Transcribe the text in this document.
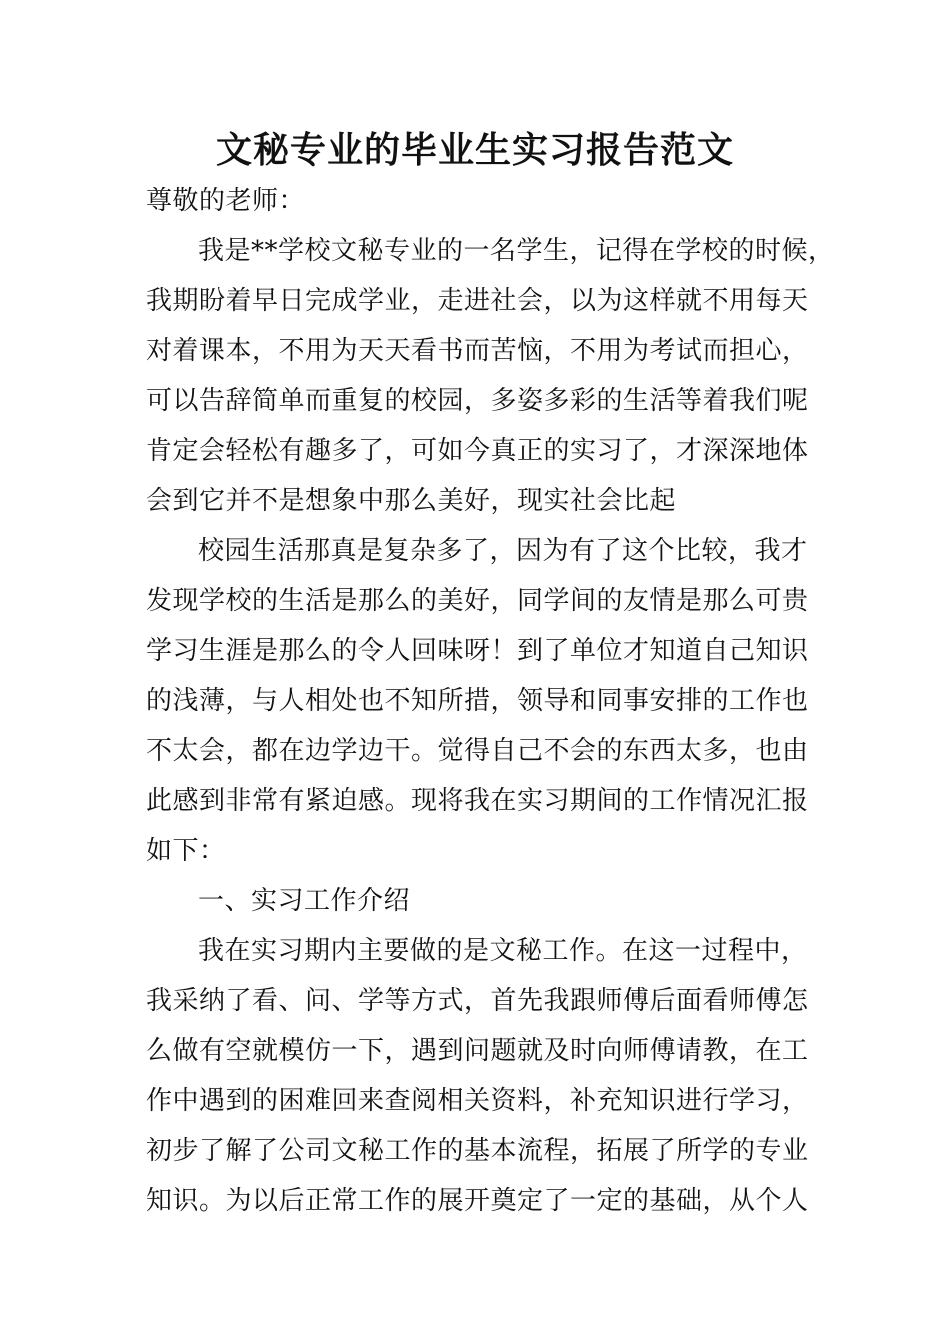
文秘专业的毕业生实习报告范文
尊敬的老师：
我是**学校文秘专业的一名学生，记得在学校的时候，
我期盼着早日完成学业，走进社会，以为这样就不用每天
对着课本，不用为天天看书而苦恼，不用为考试而担心，
可以告辞简单而重复的校园，多姿多彩的生活等着我们呢
肯定会轻松有趣多了，可如今真正的实习了，才深深地体
会到它并不是想象中那么美好，现实社会比起
校园生活那真是复杂多了，因为有了这个比较，我才
发现学校的生活是那么的美好，同学间的友情是那么可贵
学习生涯是那么的令人回味呀！到了单位才知道自己知识
的浅薄，与人相处也不知所措，领导和同事安排的工作也
不太会，都在边学边干。觉得自己不会的东西太多，也由
此感到非常有紧迫感。现将我在实习期间的工作情况汇报
如下：
一、实习工作介绍
我在实习期内主要做的是文秘工作。在这一过程中，
我采纳了看、问、学等方式，首先我跟师傅后面看师傅怎
么做有空就模仿一下，遇到问题就及时向师傅请教，在工
作中遇到的困难回来查阅相关资料，补充知识进行学习，
初步了解了公司文秘工作的基本流程，拓展了所学的专业
知识。为以后正常工作的展开奠定了一定的基础，从个人
